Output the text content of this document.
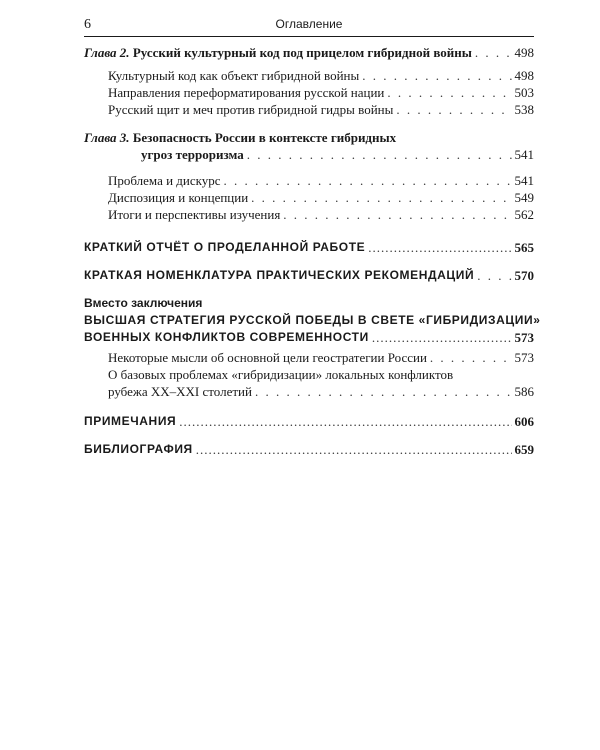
6	Оглавление
Глава 2. Русский культурный код под прицелом гибридной войны . . .	498
Культурный код как объект гибридной войны . . .	498
Направления переформатирования русской нации . . .	503
Русский щит и меч против гибридной гидры войны . . .	538
Глава 3. Безопасность России в контексте гибридных
угроз терроризма . . .	541
Проблема и дискурс . . .	541
Диспозиция и концепции . . .	549
Итоги и перспективы изучения . . .	562
КРАТКИЙ ОТЧЁТ О ПРОДЕЛАННОЙ РАБОТЕ .....	565
КРАТКАЯ НОМЕНКЛАТУРА ПРАКТИЧЕСКИХ РЕКОМЕНДАЦИЙ . . .	570
Вместо заключения
ВЫСШАЯ СТРАТЕГИЯ РУССКОЙ ПОБЕДЫ В СВЕТЕ «ГИБРИДИЗАЦИИ»
ВОЕННЫХ КОНФЛИКТОВ СОВРЕМЕННОСТИ .....	573
Некоторые мысли об основной цели геостратегии России . . .	573
О базовых проблемах «гибридизации» локальных конфликтов
рубежа XX–XXI столетий . . .	586
ПРИМЕЧАНИЯ .....	606
БИБЛИОГРАФИЯ .....	659
